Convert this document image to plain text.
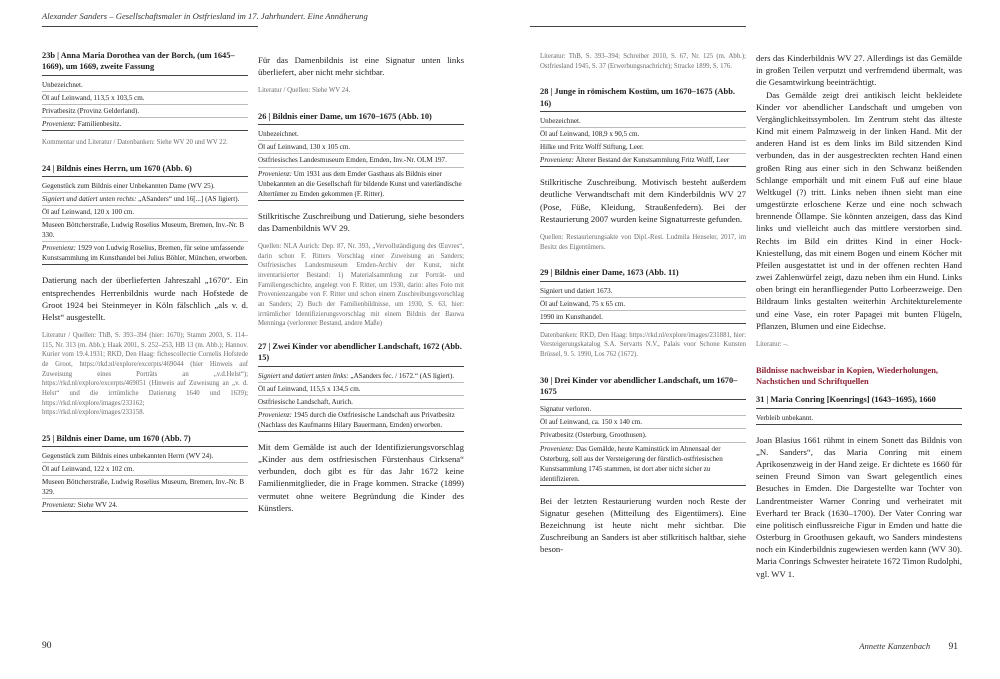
Alexander Sanders – Gesellschaftsmaler in Ostfriesland im 17. Jahrhundert. Eine Annäherung
23b | Anna Maria Dorothea van der Borch, (um 1645–1669), um 1669, zweite Fassung

Unbezeichnet.

Öl auf Leinwand, 113,5 x 103,5 cm.

Privatbesitz (Provinz Gelderland).

Provenienz: Familienbesitz.

Kommentar und Literatur / Datenbanken: Siehe WV 20 und WV 22.

24 | Bildnis eines Herrn, um 1670 (Abb. 6)

Gegenstück zum Bildnis einer Unbekannten Dame (WV 25).

Signiert und datiert unten rechts: „ASanders“ und 16[...] (AS ligiert).

Öl auf Leinwand, 120 x 100 cm.

Museen Böttcherstraße, Ludwig Roselius Museum, Bremen, Inv.-Nr. B 330.

Provenienz: 1929 von Ludwig Roselius, Bremen, für seine umfassende Kunstsammlung im Kunsthandel bei Julius Böhler, München, erworben.

Datierung nach der überlieferten Jahreszahl „1670“. Ein entsprechendes Herrenbildnis wurde nach Hofstede de Groot 1924 bei Steinmeyer in Köln fälschlich „als v. d. Helst“ ausgestellt.

Literatur / Quellen: ThB, S. 393–394 (hier: 1670); Stamm 2003, S. 114–115, Nr. 313 (m. Abb.); Haak 2001, S. 252–253, HB 13 (m. Abb.); Hannov. Kurier vom 19.4.1931; RKD, Den Haag: fichescollectie Cornelis Hofstede de Groot, https://rkd.nl/explore/excerpts/469044 (hier Hinweis auf Zuweisung eines Porträts an „v.d.Helst“); https://rkd.nl/explore/excerpts/469051 (Hinweis auf Zuweisung an „v. d. Helst“ und die irrtümliche Datierung 1640 und 1639); https://rkd.nl/explore/images/233162; https://rkd.nl/explore/images/233158.

25 | Bildnis einer Dame, um 1670 (Abb. 7)

Gegenstück zum Bildnis eines unbekannten Herrn (WV 24).

Öl auf Leinwand, 122 x 102 cm.

Museen Böttcherstraße, Ludwig Roselius Museum, Bremen, Inv.-Nr. B 329.

Provenienz: Siehe WV 24.

Für das Damenbildnis ist eine Signatur unten links überliefert, aber nicht mehr sichtbar.

Literatur / Quellen: Siehe WV 24.

26 | Bildnis einer Dame, um 1670–1675 (Abb. 10)

Unbezeichnet.

Öl auf Leinwand, 130 x 105 cm.

Ostfriesisches Landesmuseum Emden, Emden, Inv.-Nr. OLM 197.

Provenienz: Um 1931 aus dem Emder Gasthaus als Bildnis einer Unbekannten an die Gesellschaft für bildende Kunst und vaterländische Altertümer zu Emden gekommen (F. Ritter).

Stilkritische Zuschreibung und Datierung, siehe besonders das Damenbildnis WV 29.

Quellen: NLA Aurich: Dep. 87, Nr. 393, „Vervollständigung des Œuvres“, darin schon F. Ritters Vorschlag einer Zuweisung an Sanders; Ostfriesisches Landesmuseum Emden-Archiv der Kunst, nicht inventarisierter Bestand: 1) Materialsammlung zur Porträt- und Familiengeschichte, angelegt von F. Ritter, um 1930, darin: altes Foto mit Provenienzangabe von F. Ritter und schon einem Zuschreibungsvorschlag an Sanders; 2) Buch der Familienbildnisse, um 1930, S. 63, hier: irrtümlicher Identifizierungsvorschlag mit einem Bildnis der Bauwa Menninga (verlorener Bestand, andere Maße)

27 | Zwei Kinder vor abendlicher Landschaft, 1672 (Abb. 15)

Signiert und datiert unten links: „ASanders fec. / 1672.“ (AS ligiert).

Öl auf Leinwand, 115,5 x 134,5 cm.

Ostfriesische Landschaft, Aurich.

Provenienz: 1945 durch die Ostfriesische Landschaft aus Privatbesitz (Nachlass des Kaufmanns Hilary Bauermann, Emden) erworben.

Mit dem Gemälde ist auch der Identifizierungsvorschlag „Kinder aus dem ostfriesischen Fürstenhaus Cirksena“ verbunden, doch gibt es für das Jahr 1672 keine Familienmitglieder, die in Frage kommen. Stracke (1899) vermutet ohne weitere Begründung die Kinder des Künstlers.

Literatur: ThB, S. 393–394; Schreiber 2010, S. 67, Nr. 125 (m. Abb.); Ostfriesland 1945, S. 37 (Erwerbungsnachricht); Stracke 1899, S. 176.

28 | Junge in römischem Kostüm, um 1670–1675 (Abb. 16)

Unbezeichnet.

Öl auf Leinwand, 108,9 x 90,5 cm.

Hilke und Fritz Wolff Stiftung, Leer.

Provenienz: Älterer Bestand der Kunstsammlung Fritz Wolff, Leer

Stilkritische Zuschreibung. Motivisch besteht außerdem deutliche Verwandtschaft mit dem Kinderbildnis WV 27 (Pose, Füße, Kleidung, Straußenfedern). Bei der Restaurierung 2007 wurden keine Signaturreste gefunden.

Quellen: Restaurierungsakte von Dipl.-Rest. Ludmila Henseler, 2017, im Besitz des Eigentümers.

29 | Bildnis einer Dame, 1673 (Abb. 11)

Signiert und datiert 1673.

Öl auf Leinwand, 75 x 65 cm.

1990 im Kunsthandel.

Datenbanken: RKD, Den Haag: https://rkd.nl/explore/images/231881, hier: Versteigerungskatalog S.A. Servarts N.V., Palais voor Schone Kunsten Brüssel, 9. 5. 1990, Los 762 (1672).

30 | Drei Kinder vor abendlicher Landschaft, um 1670–1675

Signatur verloren.

Öl auf Leinwand, ca. 150 x 140 cm.

Privatbesitz (Osterburg, Groothusen).

Provenienz: Das Gemälde, heute Kaminstück im Ahnensaal der Osterburg, soll aus der Versteigerung der fürstlich-ostfriesischen Kunstsammlung 1745 stammen, ist dort aber nicht sicher zu identifizieren.

Bei der letzten Restaurierung wurden noch Reste der Signatur gesehen (Mitteilung des Eigentümers). Eine Bezeichnung ist heute nicht mehr sichtbar. Die Zuschreibung an Sanders ist aber stilkritisch haltbar, siehe beson-

ders das Kinderbildnis WV 27. Allerdings ist das Gemälde in großen Teilen verputzt und verfremdend übermalt, was die Gesamtwirkung beeinträchtigt.

Das Gemälde zeigt drei antikisch leicht bekleidete Kinder vor abendlicher Landschaft und umgeben von Vergänglichkeitssymbolen. Im Zentrum steht das älteste Kind mit einem Palmzweig in der linken Hand. Mit der anderen Hand ist es dem links im Bild sitzenden Kind verbunden, das in der ausgestreckten rechten Hand einen großen Ring aus einer sich in den Schwanz beißenden Schlange emporhält und mit einem Fuß auf eine blaue Weltkugel (?) tritt. Links neben ihnen sieht man eine umgestürzte erloschene Kerze und eine noch schwach brennende Öllampe. Sie könnten anzeigen, dass das Kind links und vielleicht auch das mittlere verstorben sind. Rechts im Bild ein drittes Kind in einer Hock-Kniestellung, das mit einem Bogen und einem Köcher mit Pfeilen ausgestattet ist und in der offenen rechten Hand zwei Zahlenwürfel zeigt, dazu neben ihm ein Hund. Links oben bringt ein heranfliegender Putto Lorbeerzweige. Den Bildraum links gestalten weiterhin Architekturelemente und eine Vase, ein roter Papagei mit bunten Flügeln, Pflanzen, Blumen und eine Eidechse.

Literatur: –.

Bildnisse nachweisbar in Kopien, Wiederholungen, Nachstichen und Schriftquellen
31 | Maria Conring [Koenrings] (1643–1695), 1660

Verbleib unbekannt.

Joan Blasius 1661 rühmt in einem Sonett das Bildnis von „N. Sanders“, das Maria Conring mit einem Aprikosenzweig in der Hand zeige. Er dichtete es 1660 für seinen Freund Simon van Swart gelegentlich eines Besuches in Emden. Die Dargestellte war Tochter von Landrentmeister Warner Conring und verheiratet mit Everhard ter Brack (1630–1700). Der Vater Conring war eine politisch einflussreiche Figur in Emden und hatte die Osterburg in Groothusen gekauft, wo Sanders mindestens noch ein Kinderbildnis zugewiesen werden kann (WV 30). Maria Conrings Schwester heiratete 1672 Timon Rudolphi, vgl. WV 1.

90	Annette Kanzenbach 91
